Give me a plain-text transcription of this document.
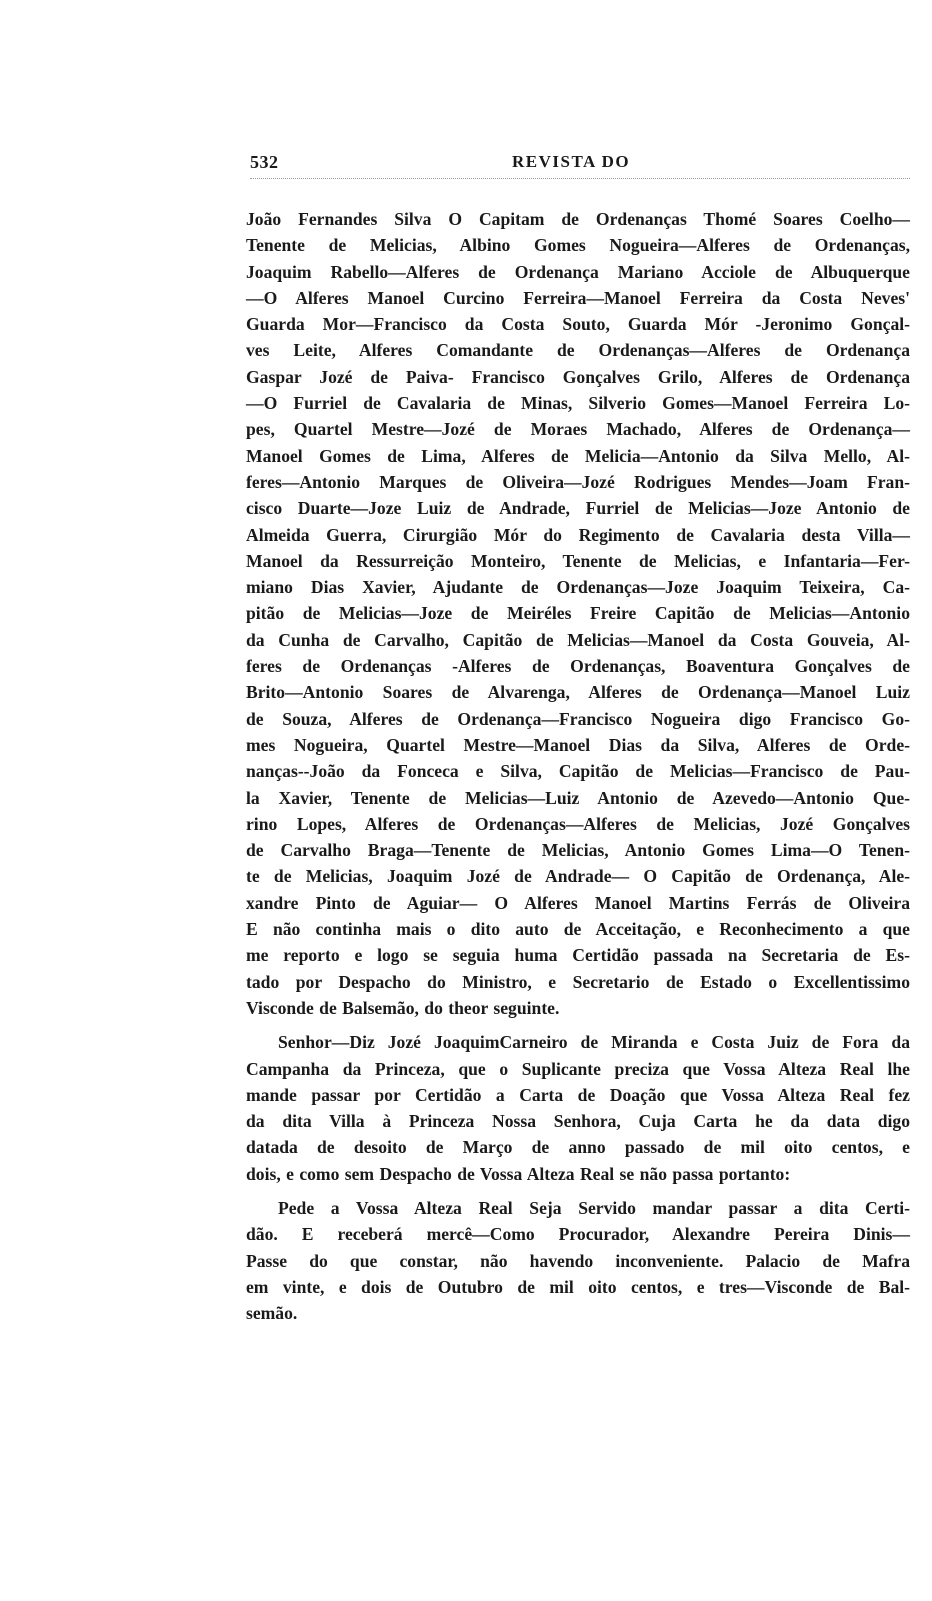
532	REVISTA DO
João Fernandes Silva O Capitam de Ordenanças Thomé Soares Coelho—
Tenente de Melicias, Albino Gomes Nogueira—Alferes de Ordenanças,
Joaquim Rabello—Alferes de Ordenança Mariano Acciole de Albuquerque
—O Alferes Manoel Curcino Ferreira—Manoel Ferreira da Costa Neves'
Guarda Mor—Francisco da Costa Souto, Guarda Mór -Jeronimo Gonçal-
ves Leite, Alferes Comandante de Ordenanças—Alferes de Ordenança
Gaspar Jozé de Paiva- Francisco Gonçalves Grilo, Alferes de Ordenança
—O Furriel de Cavalaria de Minas, Silverio Gomes—Manoel Ferreira Lo-
pes, Quartel Mestre—Jozé de Moraes Machado, Alferes de Ordenança—
Manoel Gomes de Lima, Alferes de Melicia—Antonio da Silva Mello, Al-
feres—Antonio Marques de Oliveira—Jozé Rodrigues Mendes—Joam Fran-
cisco Duarte—Joze Luiz de Andrade, Furriel de Melicias—Joze Antonio de
Almeida Guerra, Cirurgião Mór do Regimento de Cavalaria desta Villa—
Manoel da Ressurreição Monteiro, Tenente de Melicias, e Infantaria—Fer-
miano Dias Xavier, Ajudante de Ordenanças—Joze Joaquim Teixeira, Ca-
pitão de Melicias—Joze de Meiréles Freire Capitão de Melicias—Antonio
da Cunha de Carvalho, Capitão de Melicias—Manoel da Costa Gouveia, Al-
feres de Ordenanças -Alferes de Ordenanças, Boaventura Gonçalves de
Brito—Antonio Soares de Alvarenga, Alferes de Ordenança—Manoel Luiz
de Souza, Alferes de Ordenança—Francisco Nogueira digo Francisco Go-
mes Nogueira, Quartel Mestre—Manoel Dias da Silva, Alferes de Orde-
nanças--João da Fonceca e Silva, Capitão de Melicias—Francisco de Pau-
la Xavier, Tenente de Melicias—Luiz Antonio de Azevedo—Antonio Que-
rino Lopes, Alferes de Ordenanças—Alferes de Melicias, Jozé Gonçalves
de Carvalho Braga—Tenente de Melicias, Antonio Gomes Lima—O Tenen-
te de Melicias, Joaquim Jozé de Andrade— O Capitão de Ordenança, Ale-
xandre Pinto de Aguiar— O Alferes Manoel Martins Ferrás de Oliveira
E não continha mais o dito auto de Acceitação, e Reconhecimento a que
me reporto e logo se seguia huma Certidão passada na Secretaria de Es-
tado por Despacho do Ministro, e Secretario de Estado o Excellentissimo
Visconde de Balsemão, do theor seguinte.
Senhor—Diz Jozé JoaquimCarneiro de Miranda e Costa Juiz de Fora da
Campanha da Princeza, que o Suplicante preciza que Vossa Alteza Real lhe
mande passar por Certidão a Carta de Doação que Vossa Alteza Real fez
da dita Villa à Princeza Nossa Senhora, Cuja Carta he da data digo
datada de desoito de Março de anno passado de mil oito centos, e
dois, e como sem Despacho de Vossa Alteza Real se não passa portanto:
Pede a Vossa Alteza Real Seja Servido mandar passar a dita Certi-
dão. E receberá mercê—Como Procurador, Alexandre Pereira Dinis—
Passe do que constar, não havendo inconveniente. Palacio de Mafra
em vinte, e dois de Outubro de mil oito centos, e tres—Visconde de Bal-
semão.
